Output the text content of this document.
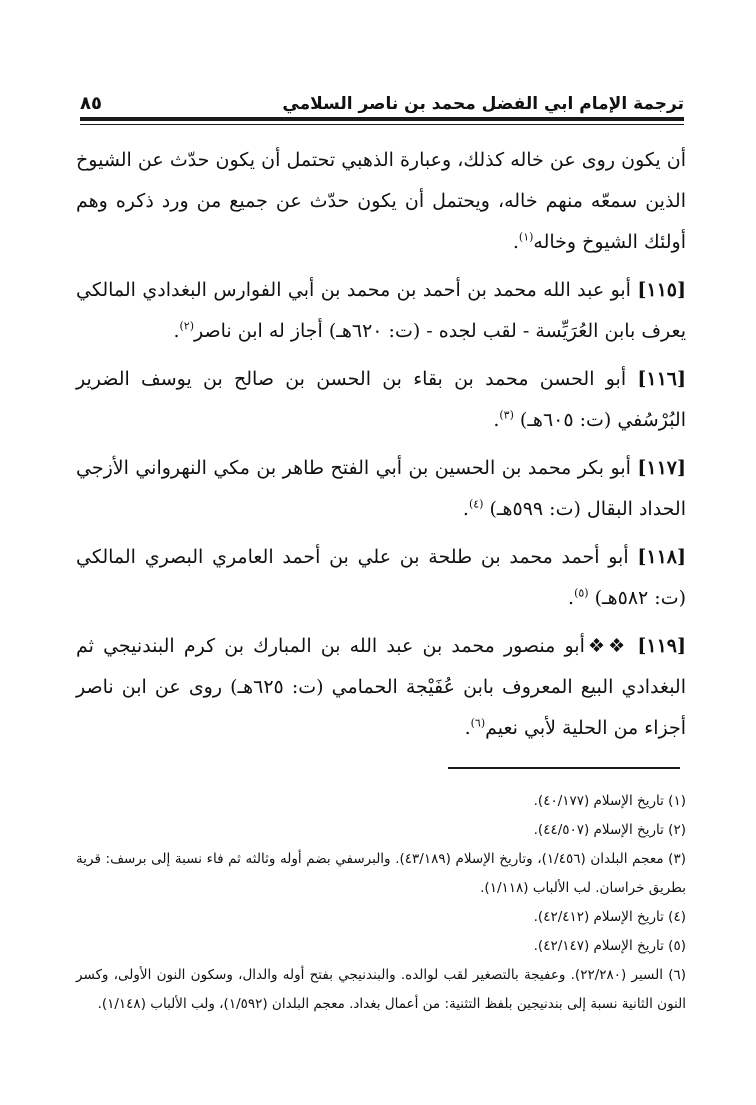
ترجمة الإمام ابي الفضل محمد بن ناصر السلامي
٨٥

أن يكون روى عن خاله كذلك، وعبارة الذهبي تحتمل أن يكون حدّث عن الشيوخ الذين سمعّه منهم خاله، ويحتمل أن يكون حدّث عن جميع من ورد ذكره وهم أولئك الشيوخ وخاله$^{(١)}$.

[١١٥] أبو عبد الله محمد بن أحمد بن محمد بن أبي الفوارس البغدادي المالكي يعرف بابن العُرَيِّسة - لقب لجده - (ت: ٦٢٠هـ) أجاز له ابن ناصر$^{(٢)}$.

[١١٦] أبو الحسن محمد بن بقاء بن الحسن بن صالح بن يوسف الضرير البُرْسُفي (ت: ٦٠٥هـ) $^{(٣)}$.

[١١٧] أبو بكر محمد بن الحسين بن أبي الفتح طاهر بن مكي النهرواني الأزجي الحداد البقال (ت: ٥٩٩هـ) $^{(٤)}$.

[١١٨] أبو أحمد محمد بن طلحة بن علي بن أحمد العامري البصري المالكي (ت: ٥٨٢هـ) $^{(٥)}$.

[١١٩] ❖❖أبو منصور محمد بن عبد الله بن المبارك بن كرم البندنيجي ثم البغدادي البيع المعروف بابن عُفَيْجة الحمامي (ت: ٦٢٥هـ) روى عن ابن ناصر أجزاء من الحلية لأبي نعيم$^{(٦)}$.

(١) تاريخ الإسلام (٤٠/١٧٧).

(٢) تاريخ الإسلام (٤٤/٥٠٧).

(٣) معجم البلدان (١/٤٥٦)، وتاريخ الإسلام (٤٣/١٨٩). والبرسفي بضم أوله وثالثه ثم فاء نسبة إلى برسف: قرية بطريق خراسان. لب الألباب (١/١١٨).

(٤) تاريخ الإسلام (٤٢/٤١٢).

(٥) تاريخ الإسلام (٤٢/١٤٧).

(٦) السير (٢٢/٢٨٠). وعفيجة بالتصغير لقب لوالده. والبندنيجي بفتح أوله والدال، وسكون النون الأولى، وكسر النون الثانية نسبة إلى بندنيجين بلفظ التثنية: من أعمال بغداد. معجم البلدان (١/٥٩٢)، ولب الألباب (١/١٤٨).
